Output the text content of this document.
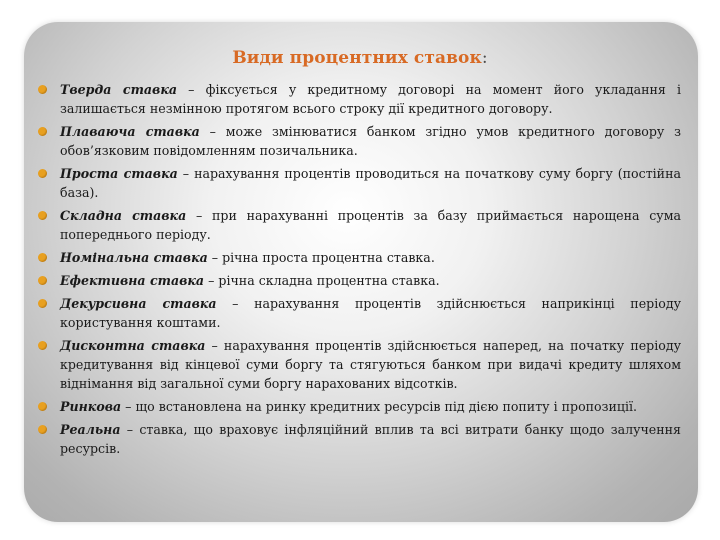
Види процентних ставок:
Тверда ставка – фіксується у кредитному договорі на момент його укладання і залишається незмінною протягом всього строку дії кредитного договору.
Плаваюча ставка – може змінюватися банком згідно умов кредитного договору з обов’язковим повідомленням позичальника.
Проста ставка – нарахування процентів проводиться на початкову суму боргу (постійна база).
Складна ставка – при нарахуванні процентів за базу приймається нарощена сума попереднього періоду.
Номінальна ставка – річна проста процентна ставка.
Ефективна ставка – річна складна процентна ставка.
Декурсивна ставка – нарахування процентів здійснюється наприкінці періоду користування коштами.
Дисконтна ставка – нарахування процентів здійснюється наперед, на початку періоду кредитування від кінцевої суми боргу та стягуються банком при видачі кредиту шляхом віднімання від загальної суми боргу нарахованих відсотків.
Ринкова – що встановлена на ринку кредитних ресурсів під дією попиту і пропозиції.
Реальна – ставка, що враховує інфляційний вплив та всі витрати банку щодо залучення ресурсів.
